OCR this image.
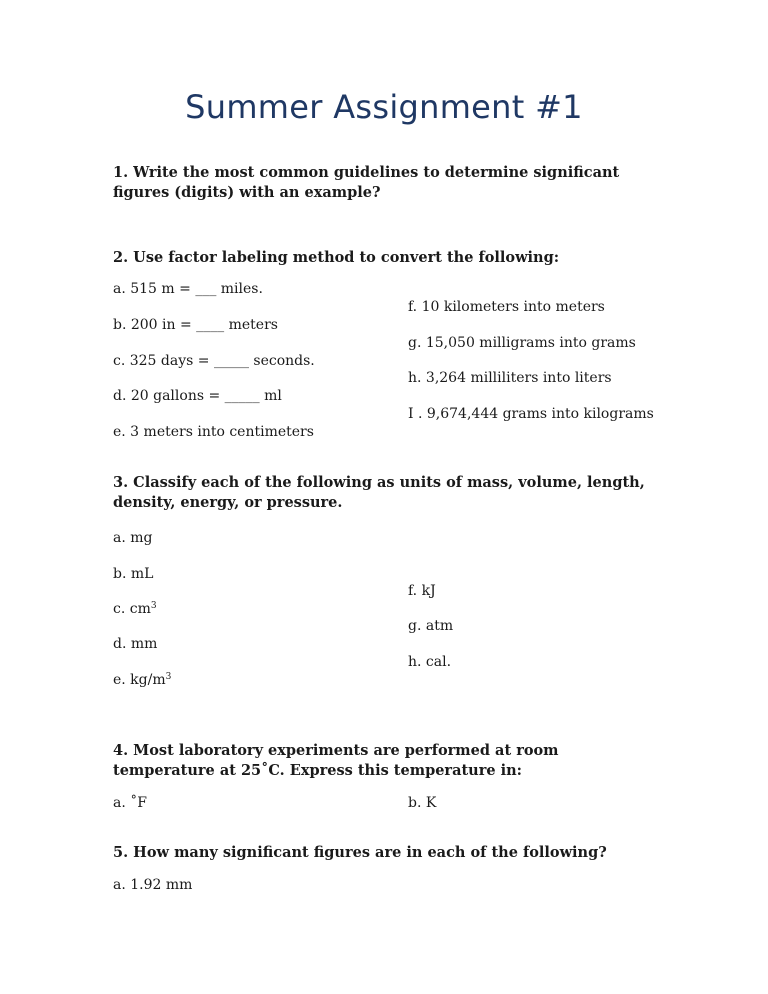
Summer Assignment #1
1. Write the most common guidelines to determine significant figures (digits) with an example?
2. Use factor labeling method to convert the following:
a. 515 m = ___ miles.
b. 200 in = ____ meters
c. 325 days = _____ seconds.
d. 20 gallons = _____ ml
e. 3 meters into centimeters
f. 10 kilometers into meters
g. 15,050 milligrams into grams
h. 3,264 milliliters into liters
I . 9,674,444 grams into kilograms
3. Classify each of the following as units of mass, volume, length, density, energy, or pressure.
a. mg
b. mL
c. $cm^3$
d. mm
e. $kg/m^3$
f. kJ
g. atm
h. cal.
4. Most laboratory experiments are performed at room temperature at 25˚C. Express this temperature in:
a. ˚F	b. K
5. How many significant figures are in each of the following?
a. 1.92 mm
